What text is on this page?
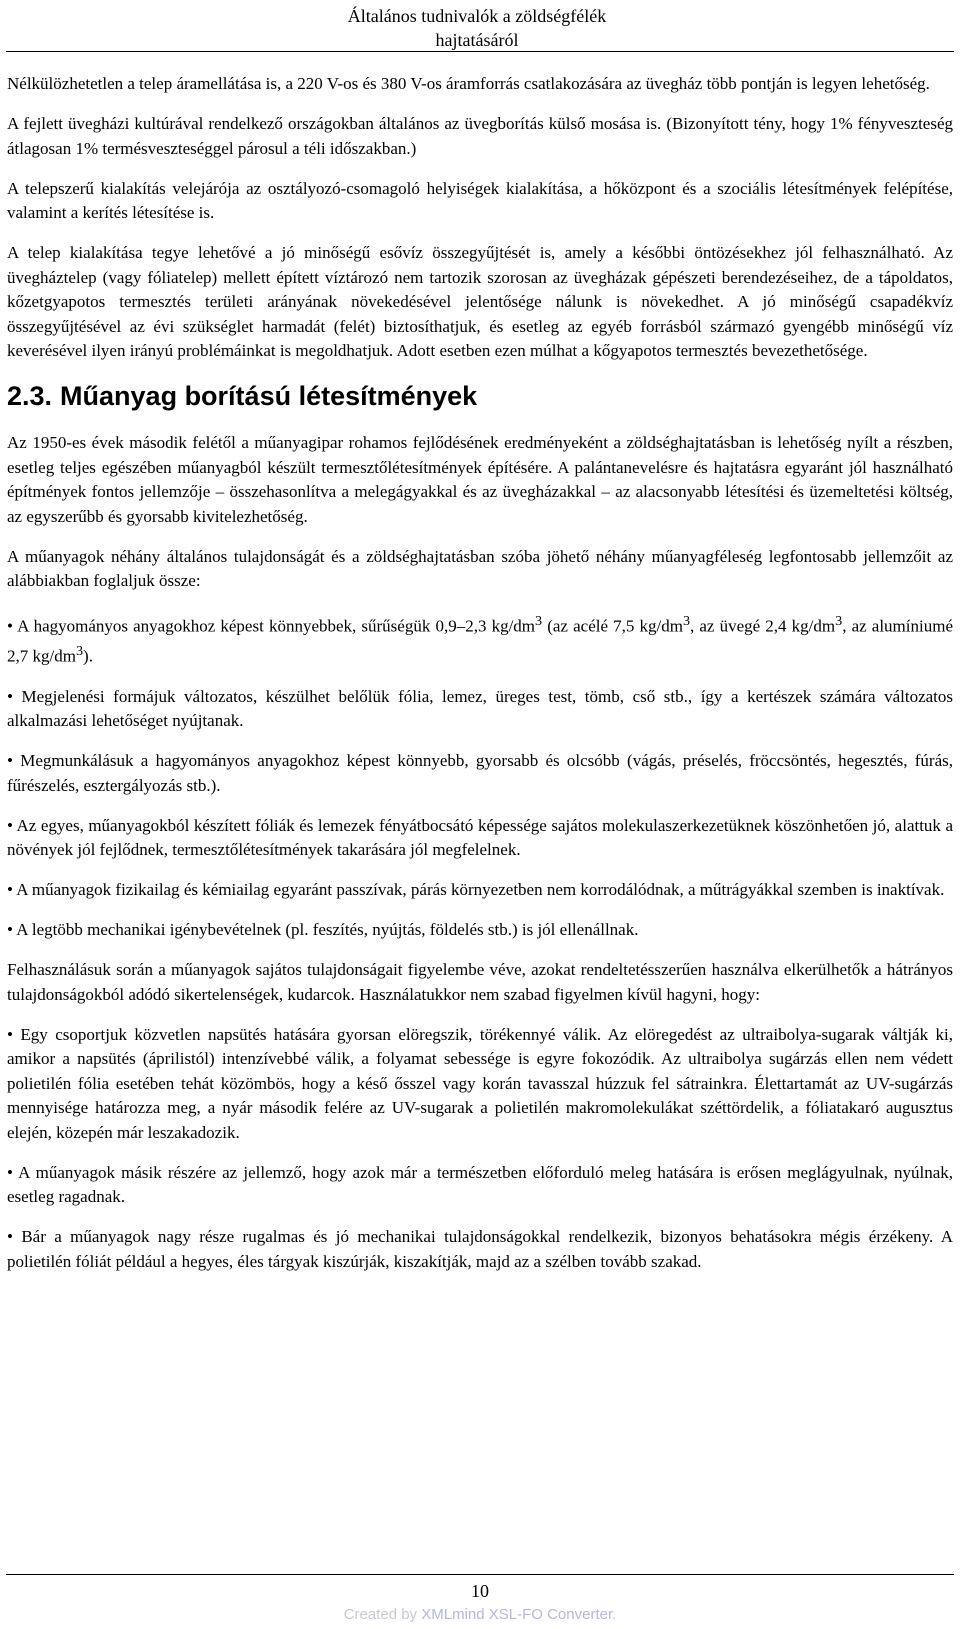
Általános tudnivalók a zöldségfélék
hajtatásáról

Nélkülözhetetlen a telep áramellátása is, a 220 V-os és 380 V-os áramforrás csatlakozására az üvegház több pontján is legyen lehetőség.

A fejlett üvegházi kultúrával rendelkező országokban általános az üvegborítás külső mosása is. (Bizonyított tény, hogy 1% fényveszteség átlagosan 1% termésveszteséggel párosul a téli időszakban.)

A telepszerű kialakítás velejárója az osztályozó-csomagoló helyiségek kialakítása, a hőközpont és a szociális létesítmények felépítése, valamint a kerítés létesítése is.

A telep kialakítása tegye lehetővé a jó minőségű esővíz összegyűjtését is, amely a későbbi öntözésekhez jól felhasználható. Az üvegháztelep (vagy fóliatelep) mellett épített víztározó nem tartozik szorosan az üvegházak gépészeti berendezéseihez, de a tápoldatos, kőzetgyapotos termesztés területi arányának növekedésével jelentősége nálunk is növekedhet. A jó minőségű csapadékvíz összegyűjtésével az évi szükséglet harmadát (felét) biztosíthatjuk, és esetleg az egyéb forrásból származó gyengébb minőségű víz keverésével ilyen irányú problémáinkat is megoldhatjuk. Adott esetben ezen múlhat a kőgyapotos termesztés bevezethetősége.

2.3. Műanyag borítású létesítmények

Az 1950-es évek második felétől a műanyagipar rohamos fejlődésének eredményeként a zöldséghajtatásban is lehetőség nyílt a részben, esetleg teljes egészében műanyagból készült termesztőlétesítmények építésére. A palántanevelésre és hajtatásra egyaránt jól használható építmények fontos jellemzője – összehasonlítva a melegágyakkal és az üvegházakkal – az alacsonyabb létesítési és üzemeltetési költség, az egyszerűbb és gyorsabb kivitelezhetőség.

A műanyagok néhány általános tulajdonságát és a zöldséghajtatásban szóba jöhető néhány műanyagféleség legfontosabb jellemzőit az alábbiakban foglaljuk össze:

• A hagyományos anyagokhoz képest könnyebbek, sűrűségük 0,9–2,3 $kg/dm^3$ (az acélé 7,5 $kg/dm^3$, az üvegé 2,4 $kg/dm^3$, az alumíniumé 2,7 $kg/dm^3$).

• Megjelenési formájuk változatos, készülhet belőlük fólia, lemez, üreges test, tömb, cső stb., így a kertészek számára változatos alkalmazási lehetőséget nyújtanak.

• Megmunkálásuk a hagyományos anyagokhoz képest könnyebb, gyorsabb és olcsóbb (vágás, préselés, fröccsöntés, hegesztés, fúrás, fűrészelés, esztergályozás stb.).

• Az egyes, műanyagokból készített fóliák és lemezek fényátbocsátó képessége sajátos molekulaszerkezetüknek köszönhetően jó, alattuk a növények jól fejlődnek, termesztőlétesítmények takarására jól megfelelnek.

• A műanyagok fizikailag és kémiailag egyaránt passzívak, párás környezetben nem korrodálódnak, a műtrágyákkal szemben is inaktívak.

• A legtöbb mechanikai igénybevételnek (pl. feszítés, nyújtás, földelés stb.) is jól ellenállnak.

Felhasználásuk során a műanyagok sajátos tulajdonságait figyelembe véve, azokat rendeltetésszerűen használva elkerülhetők a hátrányos tulajdonságokból adódó sikertelenségek, kudarcok. Használatukkor nem szabad figyelmen kívül hagyni, hogy:

• Egy csoportjuk közvetlen napsütés hatására gyorsan elöregszik, törékennyé válik. Az elöregedést az ultraibolya-sugarak váltják ki, amikor a napsütés (áprilistól) intenzívebbé válik, a folyamat sebessége is egyre fokozódik. Az ultraibolya sugárzás ellen nem védett polietilén fólia esetében tehát közömbös, hogy a késő ősszel vagy korán tavasszal húzzuk fel sátrainkra. Élettartamát az UV-sugárzás mennyisége határozza meg, a nyár második felére az UV-sugarak a polietilén makromolekulákat széttördelik, a fóliatakaró augusztus elején, közepén már leszakadozik.

• A műanyagok másik részére az jellemző, hogy azok már a természetben előforduló meleg hatására is erősen meglágyulnak, nyúlnak, esetleg ragadnak.

• Bár a műanyagok nagy része rugalmas és jó mechanikai tulajdonságokkal rendelkezik, bizonyos behatásokra mégis érzékeny. A polietilén fóliát például a hegyes, éles tárgyak kiszúrják, kiszakítják, majd az a szélben tovább szakad.

10
Created by XMLmind XSL-FO Converter.
